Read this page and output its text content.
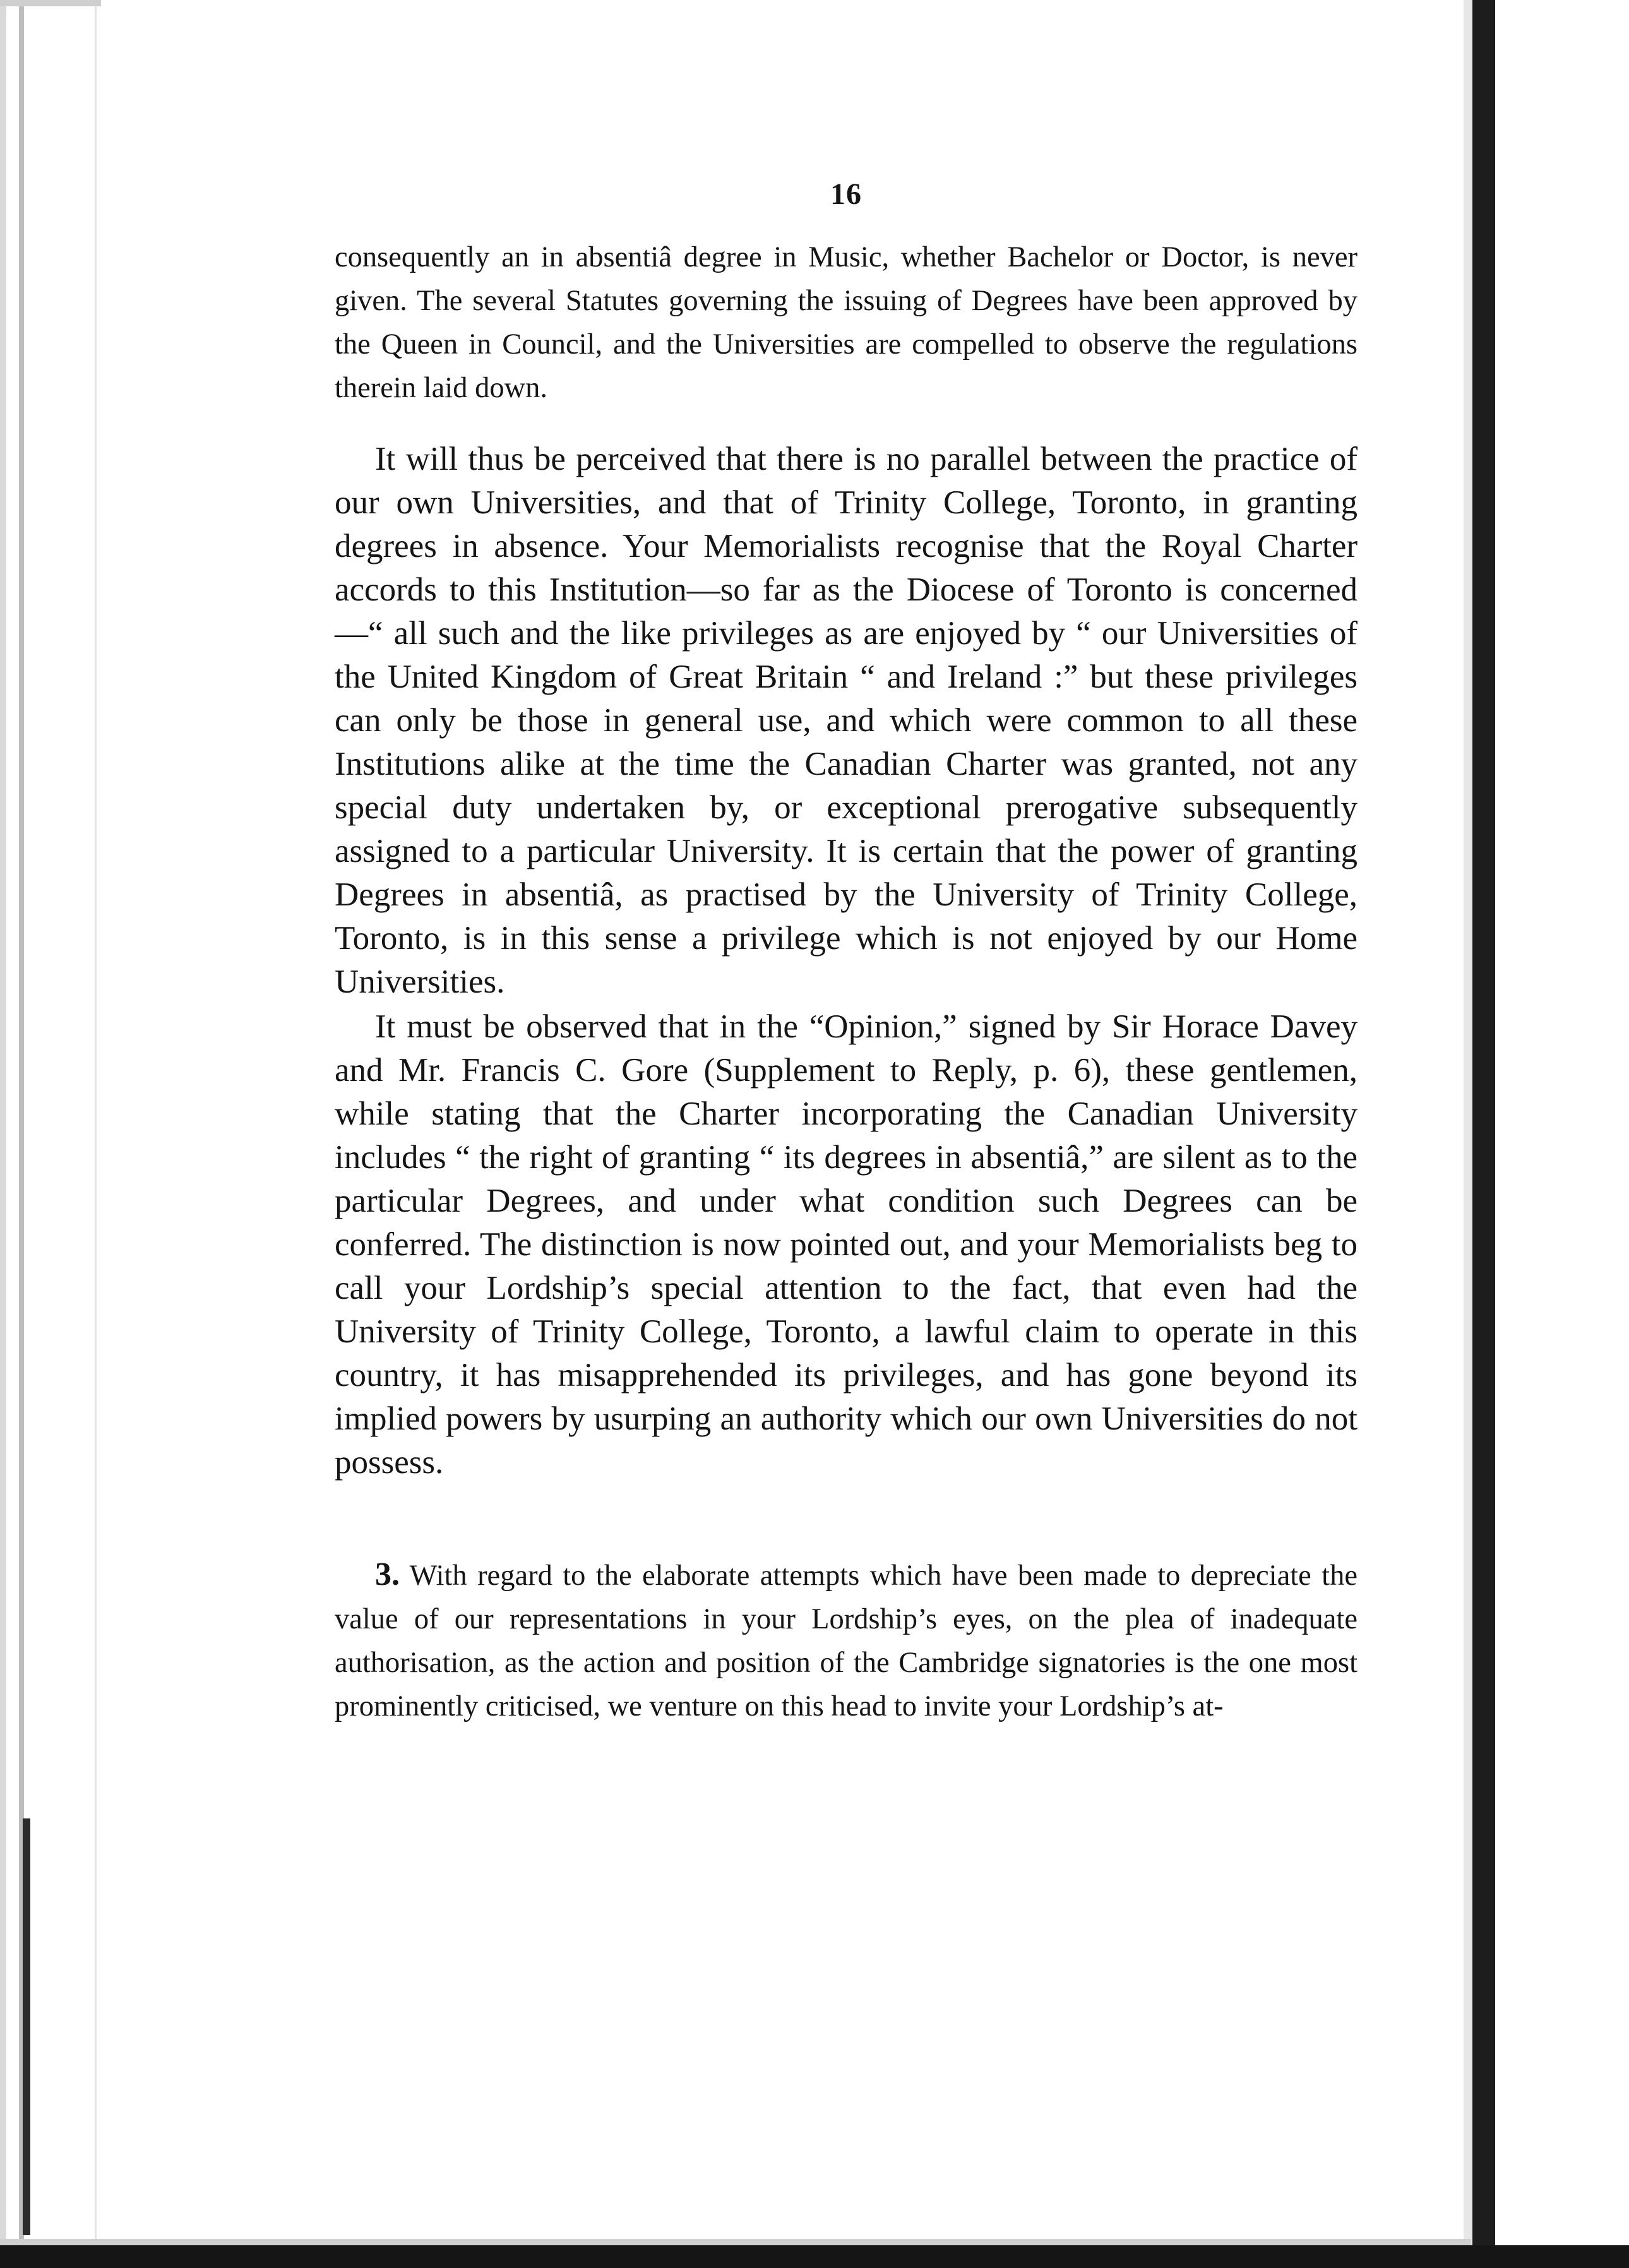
16

consequently an in absentiâ degree in Music, whether Bachelor or Doctor, is never given. The several Statutes governing the issuing of Degrees have been approved by the Queen in Council, and the Universities are compelled to observe the regulations therein laid down.

It will thus be perceived that there is no parallel between the practice of our own Universities, and that of Trinity College, Toronto, in granting degrees in absence. Your Memorialists recognise that the Royal Charter accords to this Institution—so far as the Diocese of Toronto is concerned—“ all such and the like privileges as are enjoyed by “ our Universities of the United Kingdom of Great Britain “ and Ireland :” but these privileges can only be those in general use, and which were common to all these Institutions alike at the time the Canadian Charter was granted, not any special duty undertaken by, or exceptional prerogative subsequently assigned to a particular University. It is certain that the power of granting Degrees in absentiâ, as practised by the University of Trinity College, Toronto, is in this sense a privilege which is not enjoyed by our Home Universities.

It must be observed that in the “Opinion,” signed by Sir Horace Davey and Mr. Francis C. Gore (Supplement to Reply, p. 6), these gentlemen, while stating that the Charter incorporating the Canadian University includes “ the right of granting “ its degrees in absentiâ,” are silent as to the particular Degrees, and under what condition such Degrees can be conferred. The distinction is now pointed out, and your Memorialists beg to call your Lordship’s special attention to the fact, that even had the University of Trinity College, Toronto, a lawful claim to operate in this country, it has misapprehended its privileges, and has gone beyond its implied powers by usurping an authority which our own Universities do not possess.

3. With regard to the elaborate attempts which have been made to depreciate the value of our representations in your Lordship’s eyes, on the plea of inadequate authorisation, as the action and position of the Cambridge signatories is the one most prominently criticised, we venture on this head to invite your Lordship’s at-
